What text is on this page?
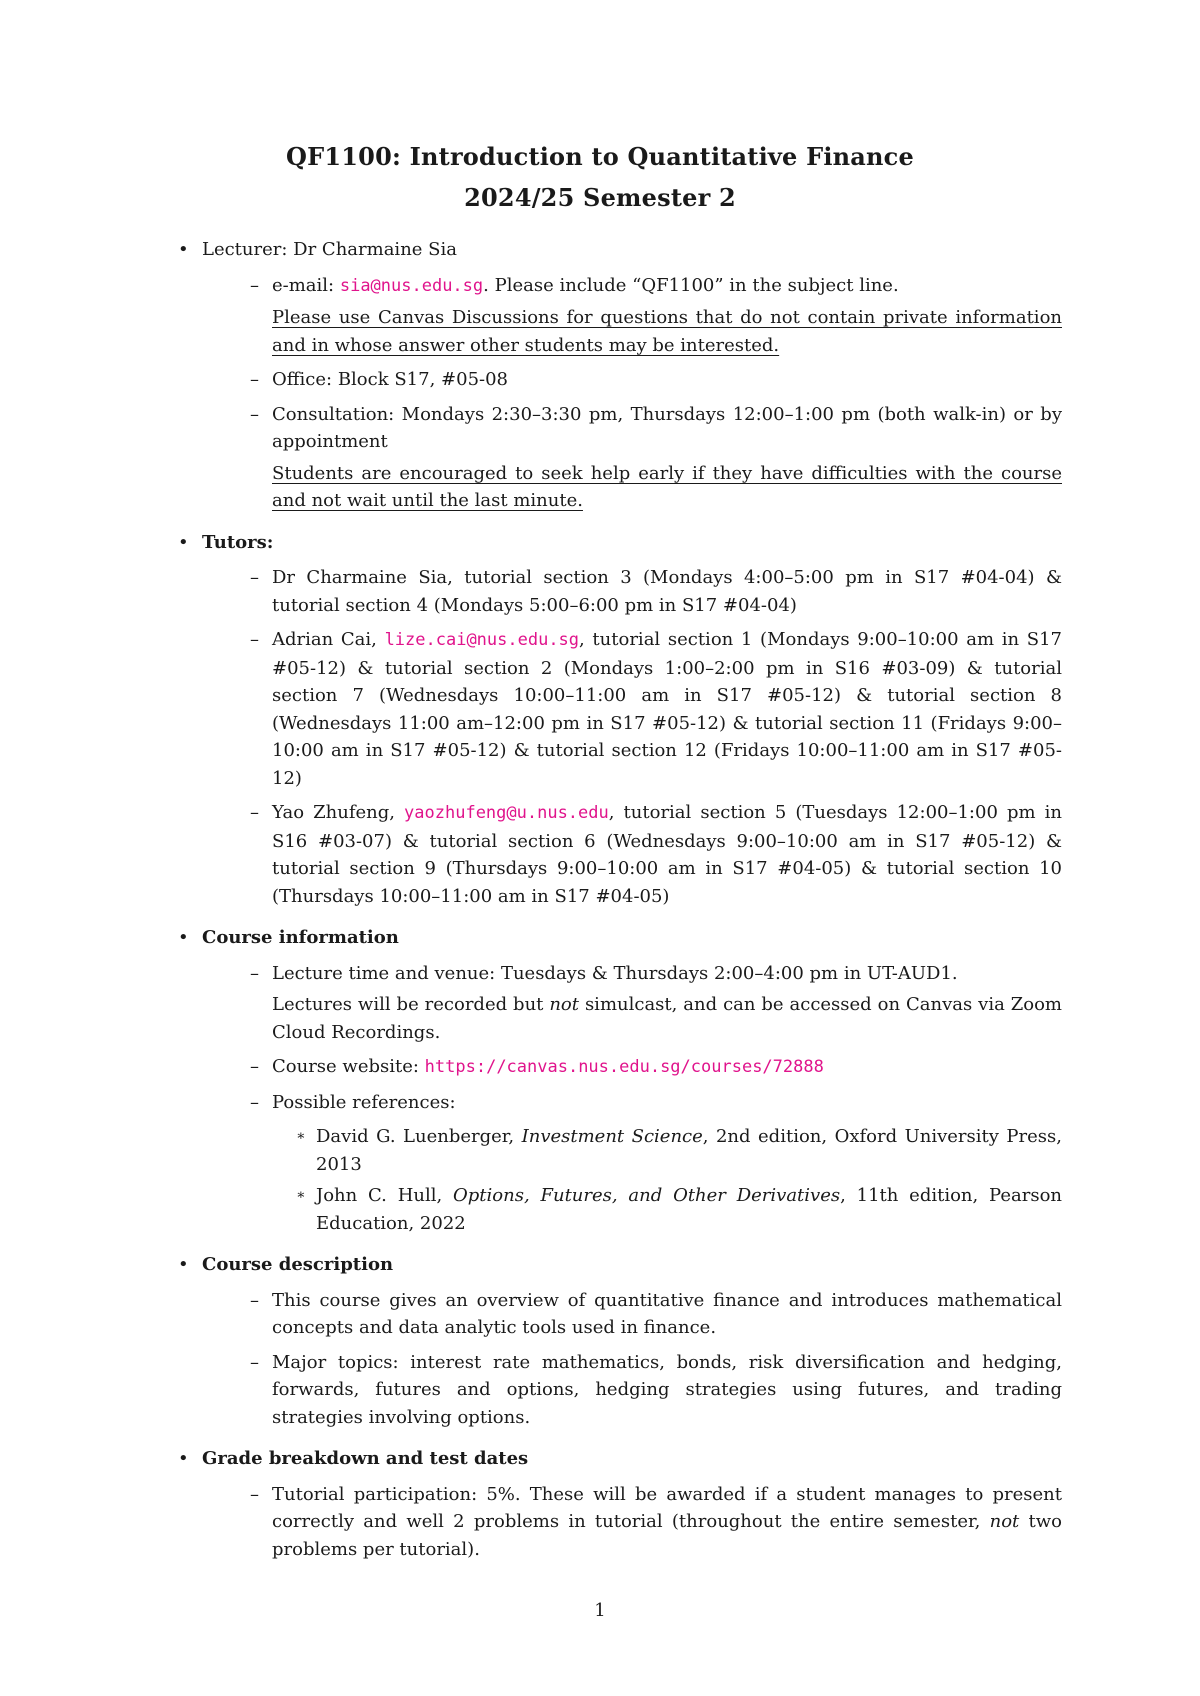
QF1100: Introduction to Quantitative Finance
2024/25 Semester 2
• Lecturer: Dr Charmaine Sia
– e-mail: sia@nus.edu.sg. Please include “QF1100” in the subject line.
Please use Canvas Discussions for questions that do not contain private information and in whose answer other students may be interested.
– Office: Block S17, #05-08
– Consultation: Mondays 2:30–3:30 pm, Thursdays 12:00–1:00 pm (both walk-in) or by appointment
Students are encouraged to seek help early if they have difficulties with the course and not wait until the last minute.
• Tutors:
– Dr Charmaine Sia, tutorial section 3 (Mondays 4:00–5:00 pm in S17 #04-04) & tutorial section 4 (Mondays 5:00–6:00 pm in S17 #04-04)
– Adrian Cai, lize.cai@nus.edu.sg, tutorial section 1 (Mondays 9:00–10:00 am in S17 #05-12) & tutorial section 2 (Mondays 1:00–2:00 pm in S16 #03-09) & tutorial section 7 (Wednesdays 10:00–11:00 am in S17 #05-12) & tutorial section 8 (Wednesdays 11:00 am–12:00 pm in S17 #05-12) & tutorial section 11 (Fridays 9:00–10:00 am in S17 #05-12) & tutorial section 12 (Fridays 10:00–11:00 am in S17 #05-12)
– Yao Zhufeng, yaozhufeng@u.nus.edu, tutorial section 5 (Tuesdays 12:00–1:00 pm in S16 #03-07) & tutorial section 6 (Wednesdays 9:00–10:00 am in S17 #05-12) & tutorial section 9 (Thursdays 9:00–10:00 am in S17 #04-05) & tutorial section 10 (Thursdays 10:00–11:00 am in S17 #04-05)
• Course information
– Lecture time and venue: Tuesdays & Thursdays 2:00–4:00 pm in UT-AUD1.
Lectures will be recorded but not simulcast, and can be accessed on Canvas via Zoom Cloud Recordings.
– Course website: https://canvas.nus.edu.sg/courses/72888
– Possible references:
∗ David G. Luenberger, Investment Science, 2nd edition, Oxford University Press, 2013
∗ John C. Hull, Options, Futures, and Other Derivatives, 11th edition, Pearson Education, 2022
• Course description
– This course gives an overview of quantitative finance and introduces mathematical concepts and data analytic tools used in finance.
– Major topics: interest rate mathematics, bonds, risk diversification and hedging, forwards, futures and options, hedging strategies using futures, and trading strategies involving options.
• Grade breakdown and test dates
– Tutorial participation: 5%. These will be awarded if a student manages to present correctly and well 2 problems in tutorial (throughout the entire semester, not two problems per tutorial).
1
